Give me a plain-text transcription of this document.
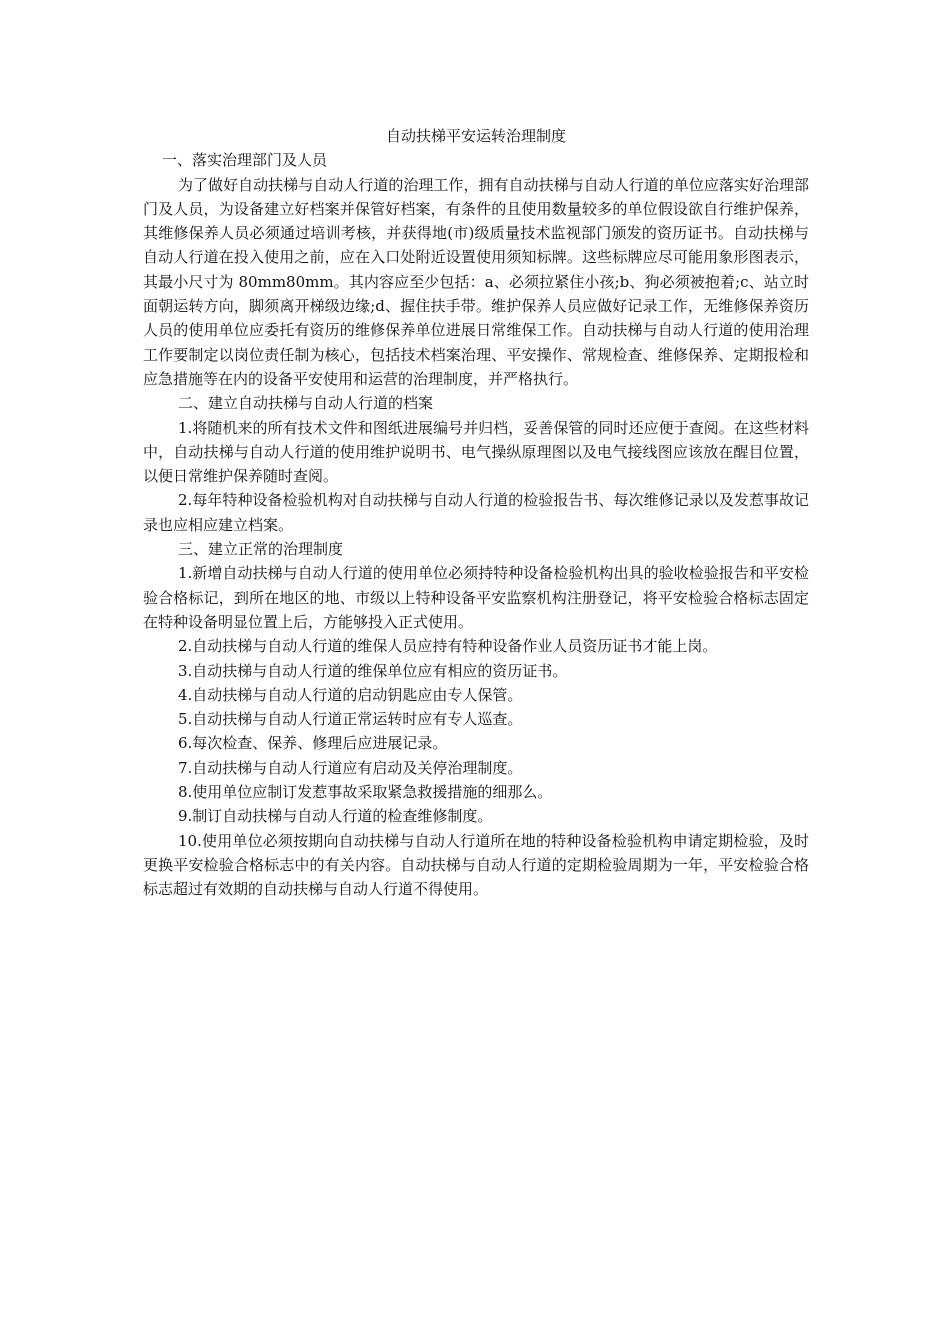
自动扶梯平安运转治理制度

一、落实治理部门及人员

为了做好自动扶梯与自动人行道的治理工作，拥有自动扶梯与自动人行道的单位应落实好治理部门及人员，为设备建立好档案并保管好档案，有条件的且使用数量较多的单位假设欲自行维护保养，其维修保养人员必须通过培训考核，并获得地(市)级质量技术监视部门颁发的资历证书。自动扶梯与自动人行道在投入使用之前，应在入口处附近设置使用须知标牌。这些标牌应尽可能用象形图表示，其最小尺寸为 80mm80mm。其内容应至少包括：a、必须拉紧住小孩;b、狗必须被抱着;c、站立时面朝运转方向，脚须离开梯级边缘;d、握住扶手带。维护保养人员应做好记录工作，无维修保养资历人员的使用单位应委托有资历的维修保养单位进展日常维保工作。自动扶梯与自动人行道的使用治理工作要制定以岗位责任制为核心，包括技术档案治理、平安操作、常规检查、维修保养、定期报检和应急措施等在内的设备平安使用和运营的治理制度，并严格执行。

二、建立自动扶梯与自动人行道的档案

1.将随机来的所有技术文件和图纸进展编号并归档，妥善保管的同时还应便于查阅。在这些材料中，自动扶梯与自动人行道的使用维护说明书、电气操纵原理图以及电气接线图应该放在醒目位置，以便日常维护保养随时查阅。

2.每年特种设备检验机构对自动扶梯与自动人行道的检验报告书、每次维修记录以及发惹事故记录也应相应建立档案。

三、建立正常的治理制度

1.新增自动扶梯与自动人行道的使用单位必须持特种设备检验机构出具的验收检验报告和平安检验合格标记，到所在地区的地、市级以上特种设备平安监察机构注册登记，将平安检验合格标志固定在特种设备明显位置上后，方能够投入正式使用。

2.自动扶梯与自动人行道的维保人员应持有特种设备作业人员资历证书才能上岗。

3.自动扶梯与自动人行道的维保单位应有相应的资历证书。

4.自动扶梯与自动人行道的启动钥匙应由专人保管。

5.自动扶梯与自动人行道正常运转时应有专人巡查。

6.每次检查、保养、修理后应进展记录。

7.自动扶梯与自动人行道应有启动及关停治理制度。

8.使用单位应制订发惹事故采取紧急救援措施的细那么。

9.制订自动扶梯与自动人行道的检查维修制度。

10.使用单位必须按期向自动扶梯与自动人行道所在地的特种设备检验机构申请定期检验，及时更换平安检验合格标志中的有关内容。自动扶梯与自动人行道的定期检验周期为一年，平安检验合格标志超过有效期的自动扶梯与自动人行道不得使用。
